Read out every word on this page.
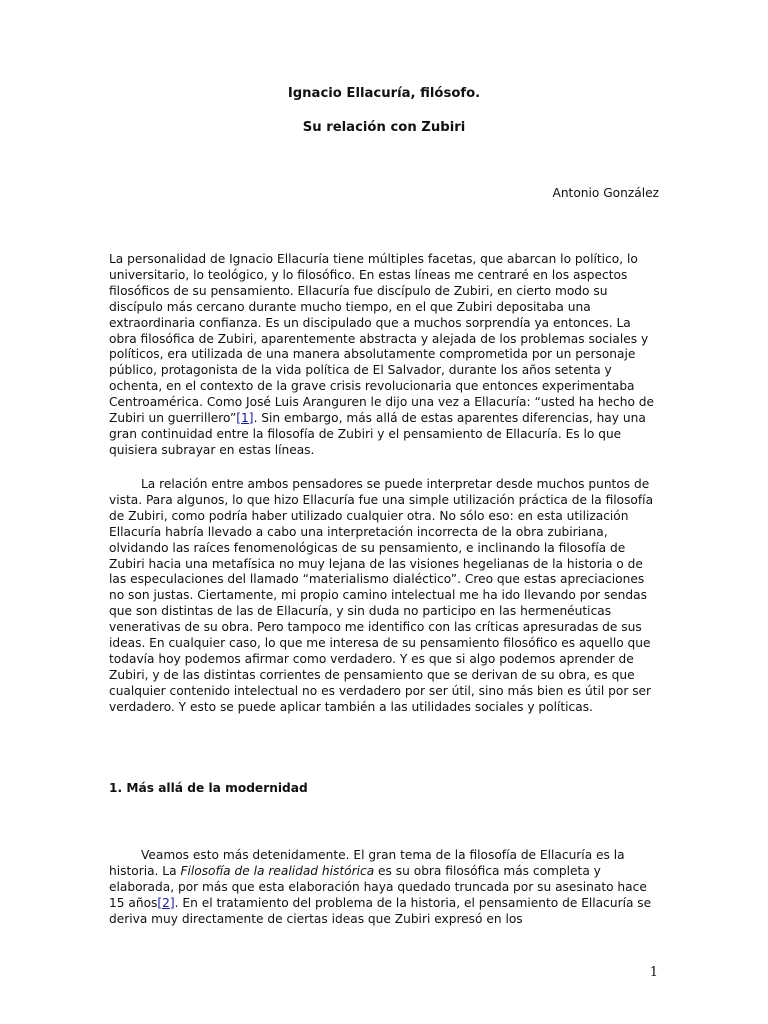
Ignacio Ellacuría, filósofo.
Su relación con Zubiri

Antonio González

La personalidad de Ignacio Ellacuría tiene múltiples facetas, que abarcan lo político, lo universitario, lo teológico, y lo filosófico. En estas líneas me centraré en los aspectos filosóficos de su pensamiento. Ellacuría fue discípulo de Zubiri, en cierto modo su discípulo más cercano durante mucho tiempo, en el que Zubiri depositaba una extraordinaria confianza. Es un discipulado que a muchos sorprendía ya entonces. La obra filosófica de Zubiri, aparentemente abstracta y alejada de los problemas sociales y políticos, era utilizada de una manera absolutamente comprometida por un personaje público, protagonista de la vida política de El Salvador, durante los años setenta y ochenta, en el contexto de la grave crisis revolucionaria que entonces experimentaba Centroamérica. Como José Luis Aranguren le dijo una vez a Ellacuría: “usted ha hecho de Zubiri un guerrillero”[1]. Sin embargo, más allá de estas aparentes diferencias, hay una gran continuidad entre la filosofía de Zubiri y el pensamiento de Ellacuría. Es lo que quisiera subrayar en estas líneas.

La relación entre ambos pensadores se puede interpretar desde muchos puntos de vista. Para algunos, lo que hizo Ellacuría fue una simple utilización práctica de la filosofía de Zubiri, como podría haber utilizado cualquier otra. No sólo eso: en esta utilización Ellacuría habría llevado a cabo una interpretación incorrecta de la obra zubiriana, olvidando las raíces fenomenológicas de su pensamiento, e inclinando la filosofía de Zubiri hacia una metafísica no muy lejana de las visiones hegelianas de la historia o de las especulaciones del llamado “materialismo dialéctico”. Creo que estas apreciaciones no son justas. Ciertamente, mi propio camino intelectual me ha ido llevando por sendas que son distintas de las de Ellacuría, y sin duda no participo en las hermenéuticas venerativas de su obra. Pero tampoco me identifico con las críticas apresuradas de sus ideas. En cualquier caso, lo que me interesa de su pensamiento filosófico es aquello que todavía hoy podemos afirmar como verdadero. Y es que si algo podemos aprender de Zubiri, y de las distintas corrientes de pensamiento que se derivan de su obra, es que cualquier contenido intelectual no es verdadero por ser útil, sino más bien es útil por ser verdadero. Y esto se puede aplicar también a las utilidades sociales y políticas.

1. Más allá de la modernidad

Veamos esto más detenidamente. El gran tema de la filosofía de Ellacuría es la historia. La Filosofía de la realidad histórica es su obra filosófica más completa y elaborada, por más que esta elaboración haya quedado truncada por su asesinato hace 15 años[2]. En el tratamiento del problema de la historia, el pensamiento de Ellacuría se deriva muy directamente de ciertas ideas que Zubiri expresó en los

1
